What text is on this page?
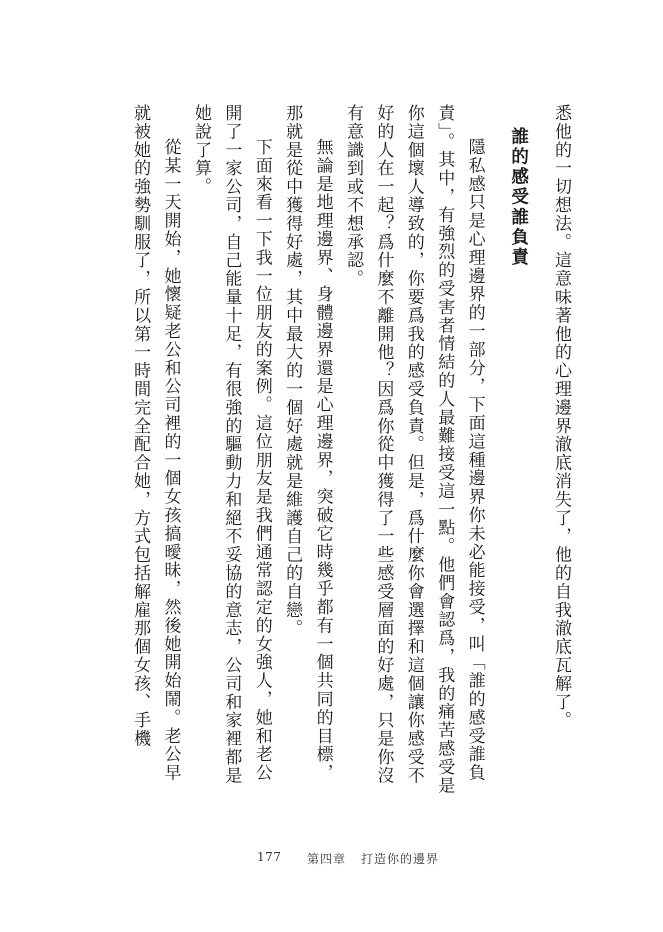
悉他的一切想法。這意味著他的心理邊界澈底消失了，他的自我澈底瓦解了。

誰的感受誰負責

隱私感只是心理邊界的一部分，下面這種邊界你未必能接受，叫「誰的感受誰負責」。其中，有強烈的受害者情結的人最難接受這一點。他們會認爲，我的痛苦感受是你這個壞人導致的，你要爲我的感受負責。但是，爲什麼你會選擇和這個讓你感受不好的人在一起？爲什麼不離開他？因爲你從中獲得了一些感受層面的好處，只是你沒有意識到或不想承認。

無論是地理邊界、身體邊界還是心理邊界，突破它時幾乎都有一個共同的目標，那就是從中獲得好處，其中最大的一個好處就是維護自己的自戀。

下面來看一下我一位朋友的案例。這位朋友是我們通常認定的女強人，她和老公開了一家公司，自己能量十足，有很強的驅動力和絕不妥協的意志，公司和家裡都是她說了算。

從某一天開始，她懷疑老公和公司裡的一個女孩搞曖昧，然後她開始鬧。老公早就被她的強勢馴服了，所以第一時間完全配合她，方式包括解雇那個女孩、手機

177 第四章 打造你的邊界
